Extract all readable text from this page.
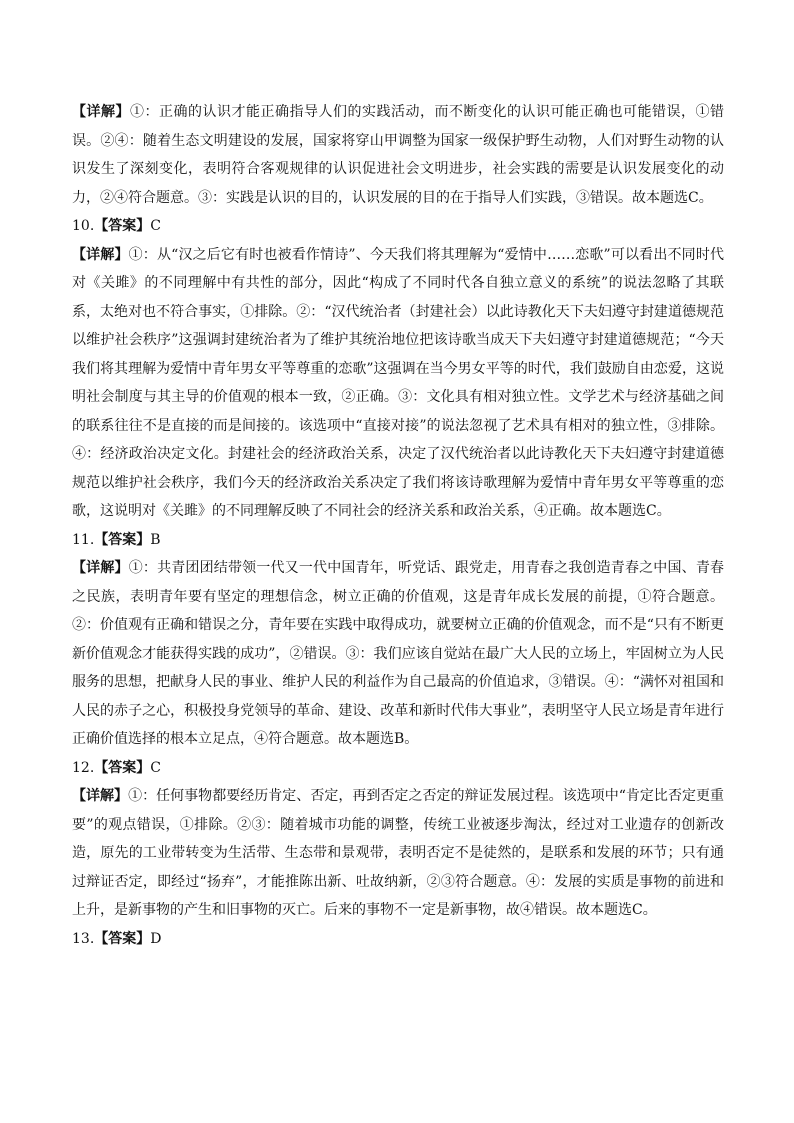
【详解】①：正确的认识才能正确指导人们的实践活动，而不断变化的认识可能正确也可能错误，①错误。②④：随着生态文明建设的发展，国家将穿山甲调整为国家一级保护野生动物，人们对野生动物的认识发生了深刻变化，表明符合客观规律的认识促进社会文明进步，社会实践的需要是认识发展变化的动力，②④符合题意。③：实践是认识的目的，认识发展的目的在于指导人们实践，③错误。故本题选C。

10.【答案】C

【详解】①：从“汉之后它有时也被看作情诗”、今天我们将其理解为“爱情中……恋歌”可以看出不同时代对《关雎》的不同理解中有共性的部分，因此“构成了不同时代各自独立意义的系统”的说法忽略了其联系，太绝对也不符合事实，①排除。②：“汉代统治者（封建社会）以此诗教化天下夫妇遵守封建道德规范以维护社会秩序”这强调封建统治者为了维护其统治地位把该诗歌当成天下夫妇遵守封建道德规范；“今天我们将其理解为爱情中青年男女平等尊重的恋歌”这强调在当今男女平等的时代，我们鼓励自由恋爱，这说明社会制度与其主导的价值观的根本一致，②正确。③：文化具有相对独立性。文学艺术与经济基础之间的联系往往不是直接的而是间接的。该选项中“直接对接”的说法忽视了艺术具有相对的独立性，③排除。④：经济政治决定文化。封建社会的经济政治关系，决定了汉代统治者以此诗教化天下夫妇遵守封建道德规范以维护社会秩序，我们今天的经济政治关系决定了我们将该诗歌理解为爱情中青年男女平等尊重的恋歌，这说明对《关雎》的不同理解反映了不同社会的经济关系和政治关系，④正确。故本题选C。

11.【答案】B

【详解】①：共青团团结带领一代又一代中国青年，听党话、跟党走，用青春之我创造青春之中国、青春之民族，表明青年要有坚定的理想信念，树立正确的价值观，这是青年成长发展的前提，①符合题意。②：价值观有正确和错误之分，青年要在实践中取得成功，就要树立正确的价值观念，而不是“只有不断更新价值观念才能获得实践的成功”，②错误。③：我们应该自觉站在最广大人民的立场上，牢固树立为人民服务的思想，把献身人民的事业、维护人民的利益作为自己最高的价值追求，③错误。④：“满怀对祖国和人民的赤子之心，积极投身党领导的革命、建设、改革和新时代伟大事业”，表明坚守人民立场是青年进行正确价值选择的根本立足点，④符合题意。故本题选B。

12.【答案】C

【详解】①：任何事物都要经历肯定、否定，再到否定之否定的辩证发展过程。该选项中“肯定比否定更重要”的观点错误，①排除。②③：随着城市功能的调整，传统工业被逐步淘汰，经过对工业遗存的创新改造，原先的工业带转变为生活带、生态带和景观带，表明否定不是徒然的，是联系和发展的环节；只有通过辩证否定，即经过“扬弃”，才能推陈出新、吐故纳新，②③符合题意。④：发展的实质是事物的前进和上升，是新事物的产生和旧事物的灭亡。后来的事物不一定是新事物，故④错误。故本题选C。

13.【答案】D
